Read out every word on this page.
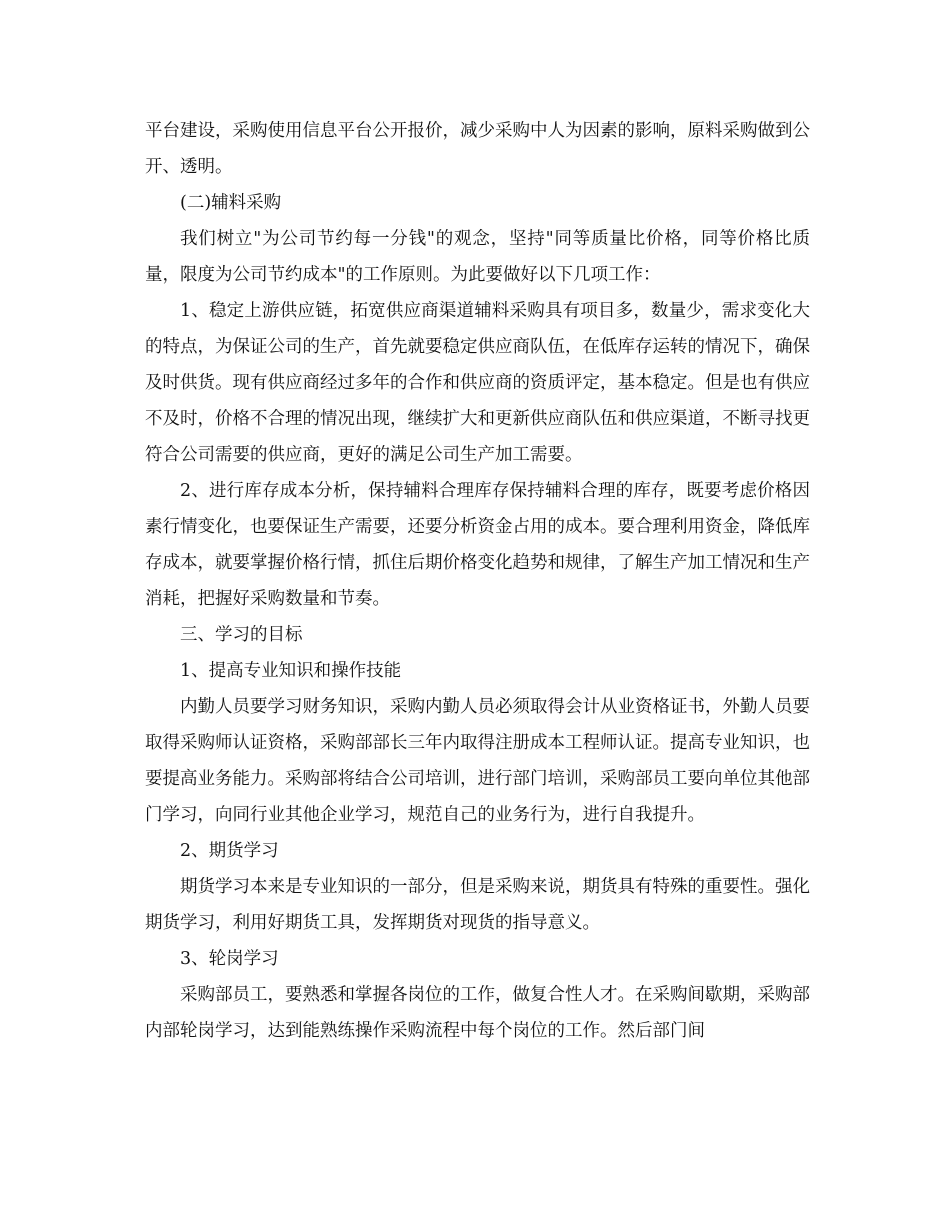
平台建设，采购使用信息平台公开报价，减少采购中人为因素的影响，原料采购做到公开、透明。

(二)辅料采购

我们树立"为公司节约每一分钱"的观念，坚持"同等质量比价格，同等价格比质量，限度为公司节约成本"的工作原则。为此要做好以下几项工作：

1、稳定上游供应链，拓宽供应商渠道辅料采购具有项目多，数量少，需求变化大的特点，为保证公司的生产，首先就要稳定供应商队伍，在低库存运转的情况下，确保及时供货。现有供应商经过多年的合作和供应商的资质评定，基本稳定。但是也有供应不及时，价格不合理的情况出现，继续扩大和更新供应商队伍和供应渠道，不断寻找更符合公司需要的供应商，更好的满足公司生产加工需要。

2、进行库存成本分析，保持辅料合理库存保持辅料合理的库存，既要考虑价格因素行情变化，也要保证生产需要，还要分析资金占用的成本。要合理利用资金，降低库存成本，就要掌握价格行情，抓住后期价格变化趋势和规律，了解生产加工情况和生产消耗，把握好采购数量和节奏。

三、学习的目标

1、提高专业知识和操作技能

内勤人员要学习财务知识，采购内勤人员必须取得会计从业资格证书，外勤人员要取得采购师认证资格，采购部部长三年内取得注册成本工程师认证。提高专业知识，也要提高业务能力。采购部将结合公司培训，进行部门培训，采购部员工要向单位其他部门学习，向同行业其他企业学习，规范自己的业务行为，进行自我提升。

2、期货学习

期货学习本来是专业知识的一部分，但是采购来说，期货具有特殊的重要性。强化期货学习，利用好期货工具，发挥期货对现货的指导意义。

3、轮岗学习

采购部员工，要熟悉和掌握各岗位的工作，做复合性人才。在采购间歇期，采购部内部轮岗学习，达到能熟练操作采购流程中每个岗位的工作。然后部门间
